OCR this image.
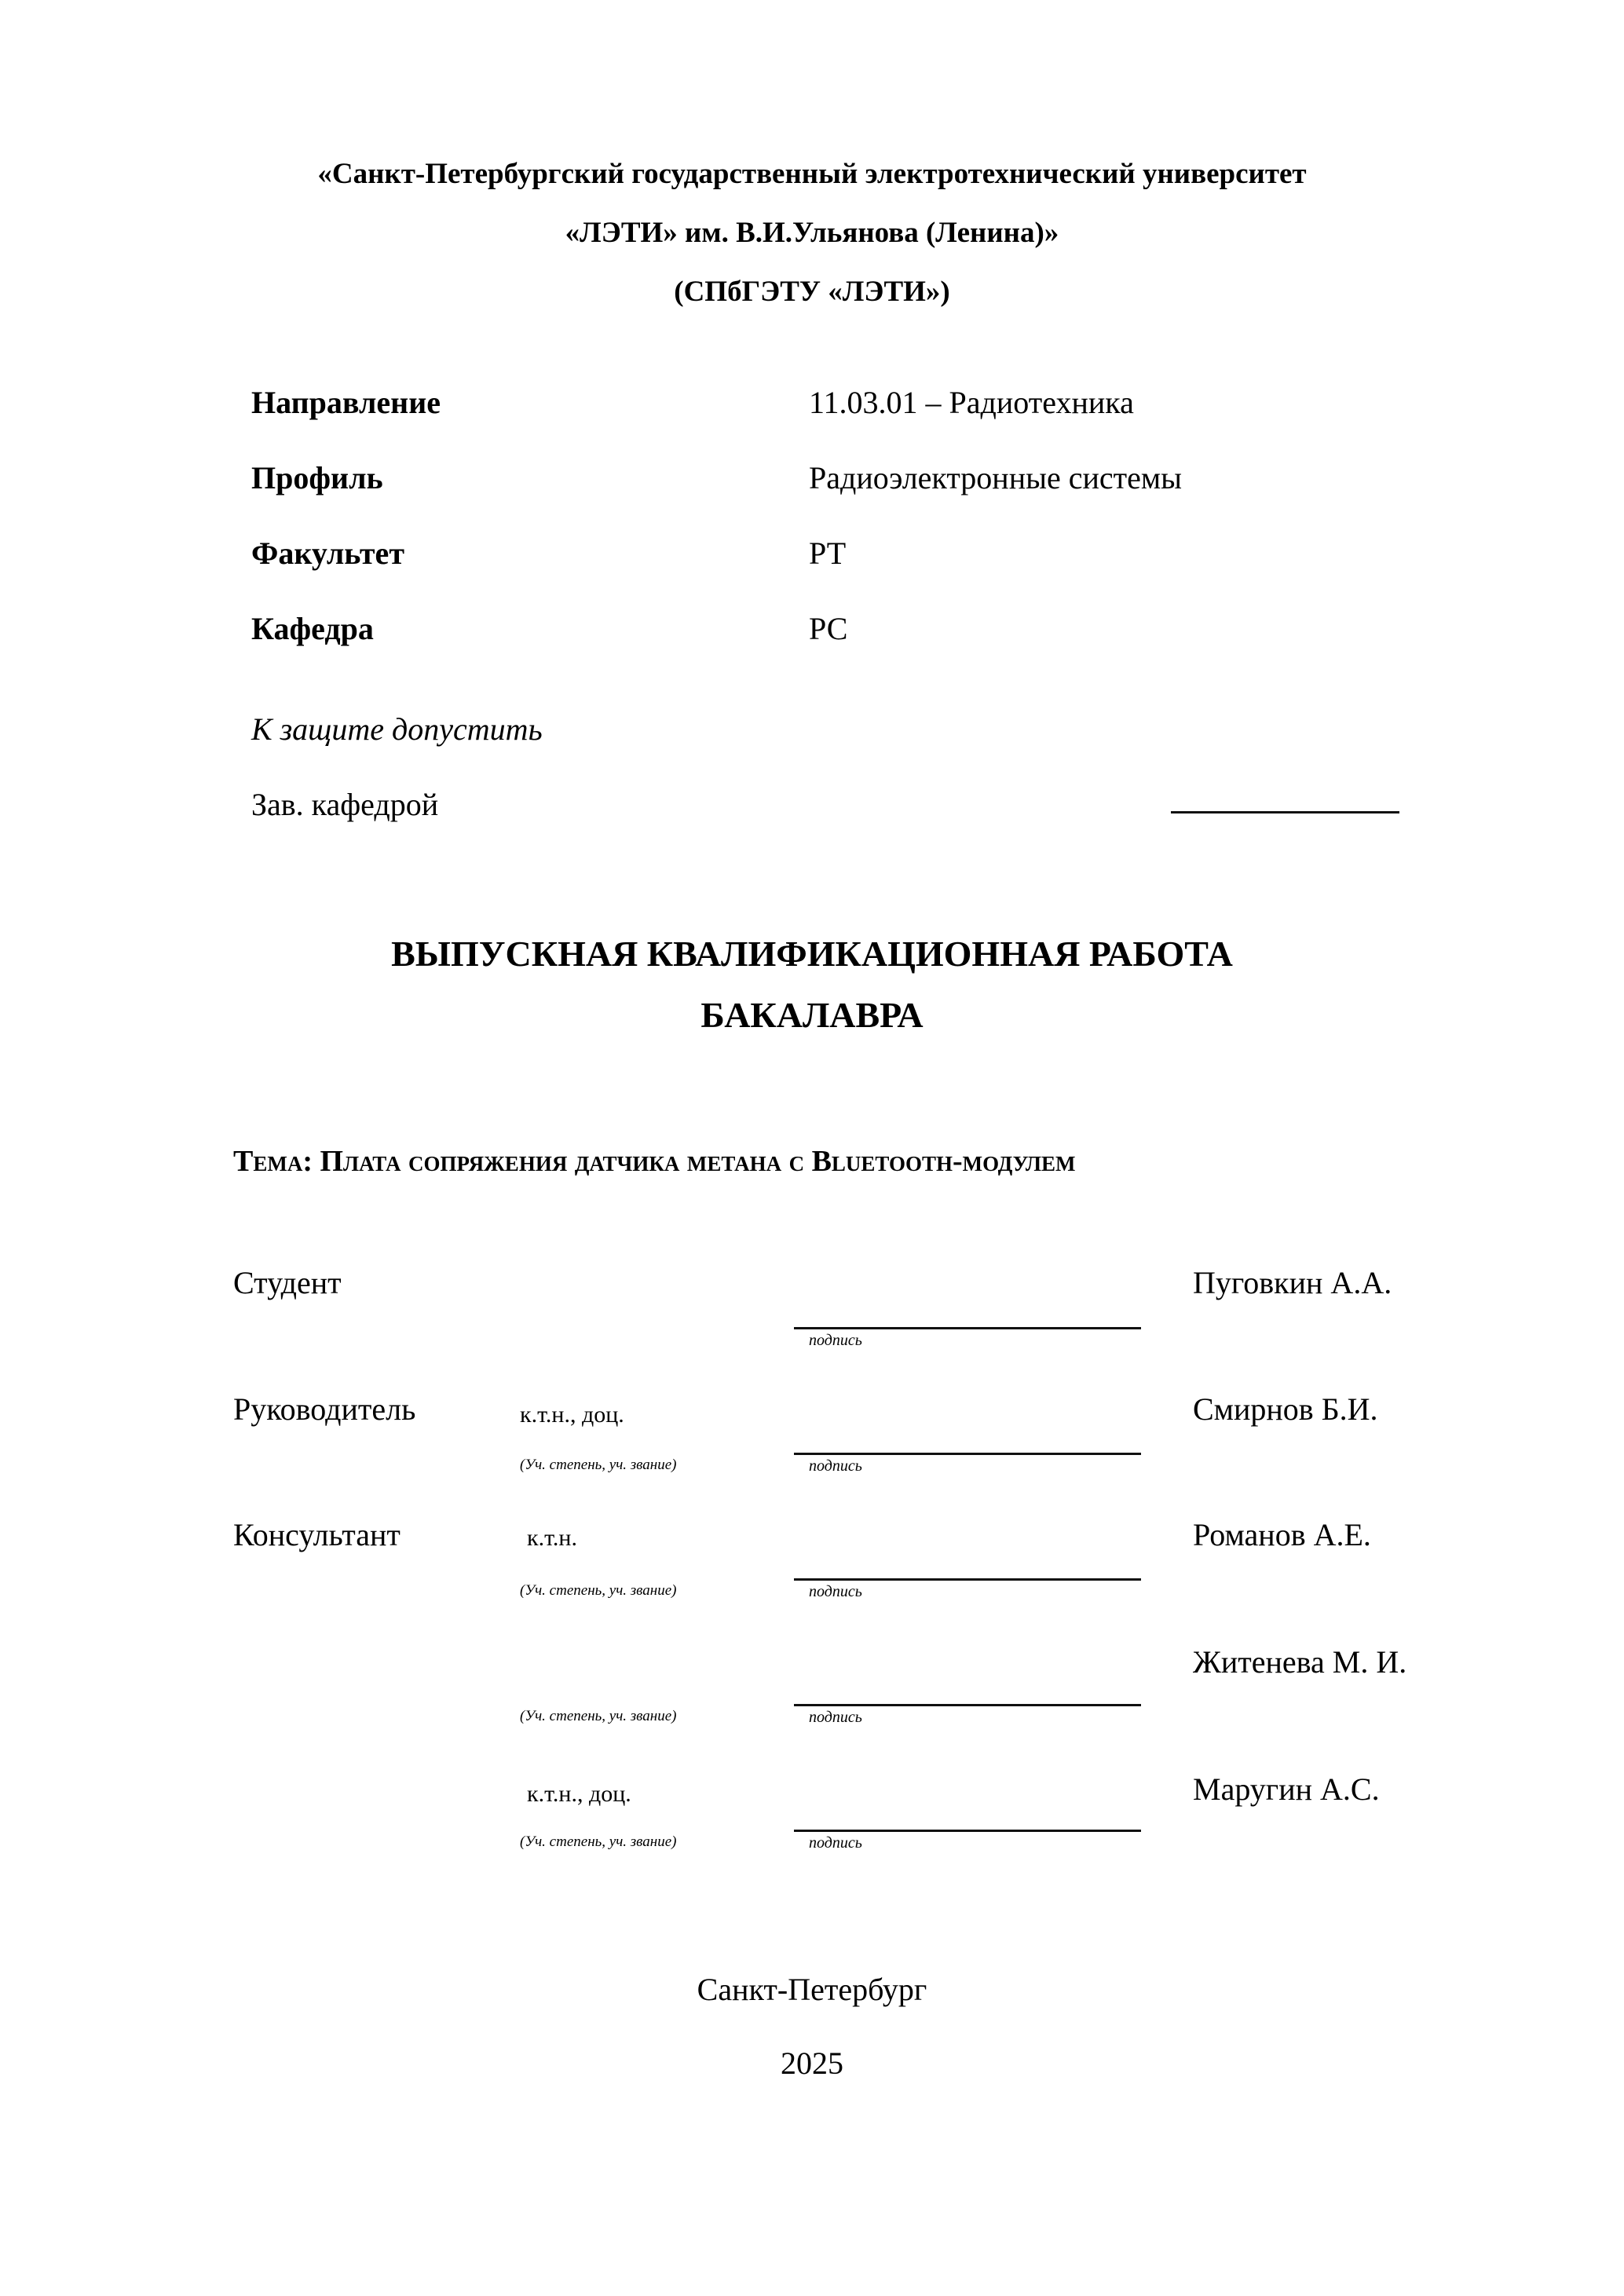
«Санкт-Петербургский государственный электротехнический университет
«ЛЭТИ» им. В.И.Ульянова (Ленина)»
(СПбГЭТУ «ЛЭТИ»)
Направление	11.03.01 – Радиотехника
Профиль	Радиоэлектронные системы
Факультет	РТ
Кафедра	РС
К защите допустить
Зав. кафедрой
ВЫПУСКНАЯ КВАЛИФИКАЦИОННАЯ РАБОТА
БАКАЛАВРА
Тема: Плата сопряжения датчика метана с Bluetooth-модулем
Студент	Пуговкин А.А.
подпись
Руководитель	к.т.н., доц.	Смирнов Б.И.
(Уч. степень, уч. звание)	подпись
Консультант	к.т.н.	Романов А.Е.
(Уч. степень, уч. звание)	подпись
Житенева М. И.
(Уч. степень, уч. звание)	подпись
к.т.н., доц.	Маругин А.С.
(Уч. степень, уч. звание)	подпись
Санкт-Петербург
2025
